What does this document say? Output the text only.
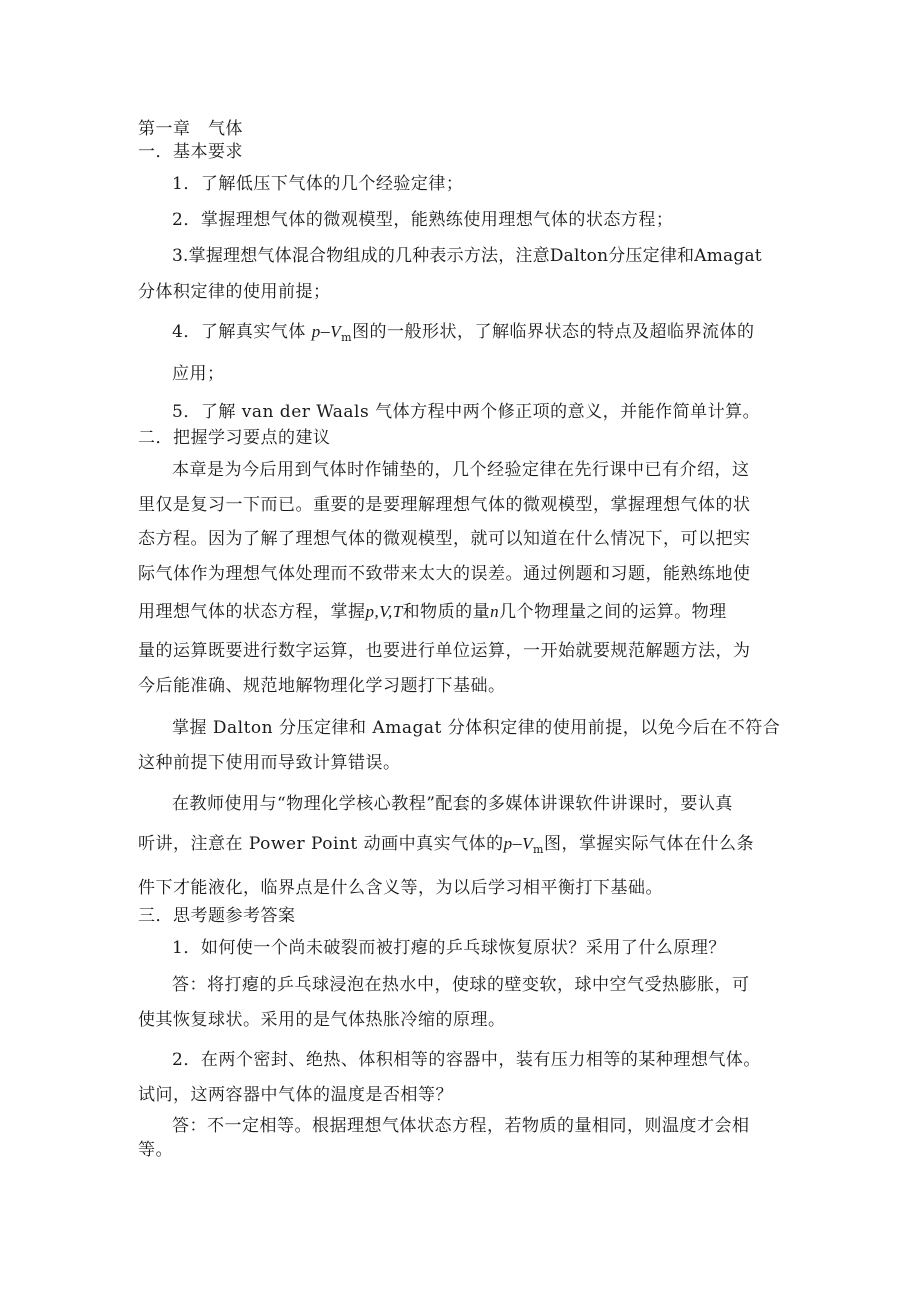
第一章　气体
一．基本要求
1．了解低压下气体的几个经验定律；
2．掌握理想气体的微观模型，能熟练使用理想气体的状态方程；
3.掌握理想气体混合物组成的几种表示方法，注意Dalton分压定律和Amagat
分体积定律的使用前提；
4．了解真实气体 $p-V_m$图的一般形状，了解临界状态的特点及超临界流体的
应用；
5．了解 van der Waals 气体方程中两个修正项的意义，并能作简单计算。
二．把握学习要点的建议
本章是为今后用到气体时作铺垫的，几个经验定律在先行课中已有介绍，这
里仅是复习一下而已。重要的是要理解理想气体的微观模型，掌握理想气体的状
态方程。因为了解了理想气体的微观模型，就可以知道在什么情况下，可以把实
际气体作为理想气体处理而不致带来太大的误差。通过例题和习题，能熟练地使
用理想气体的状态方程，掌握p,V,T和物质的量n几个物理量之间的运算。物理
量的运算既要进行数字运算，也要进行单位运算，一开始就要规范解题方法，为
今后能准确、规范地解物理化学习题打下基础。
掌握 Dalton 分压定律和 Amagat 分体积定律的使用前提，以免今后在不符合
这种前提下使用而导致计算错误。
在教师使用与“物理化学核心教程”配套的多媒体讲课软件讲课时，要认真
听讲，注意在 Power Point 动画中真实气体的$p-V_m$图，掌握实际气体在什么条
件下才能液化，临界点是什么含义等，为以后学习相平衡打下基础。
三．思考题参考答案
1．如何使一个尚未破裂而被打瘪的乒乓球恢复原状？采用了什么原理？
答：将打瘪的乒乓球浸泡在热水中，使球的壁变软，球中空气受热膨胀，可
使其恢复球状。采用的是气体热胀冷缩的原理。
2．在两个密封、绝热、体积相等的容器中，装有压力相等的某种理想气体。
试问，这两容器中气体的温度是否相等？
答：不一定相等。根据理想气体状态方程，若物质的量相同，则温度才会相
等。
